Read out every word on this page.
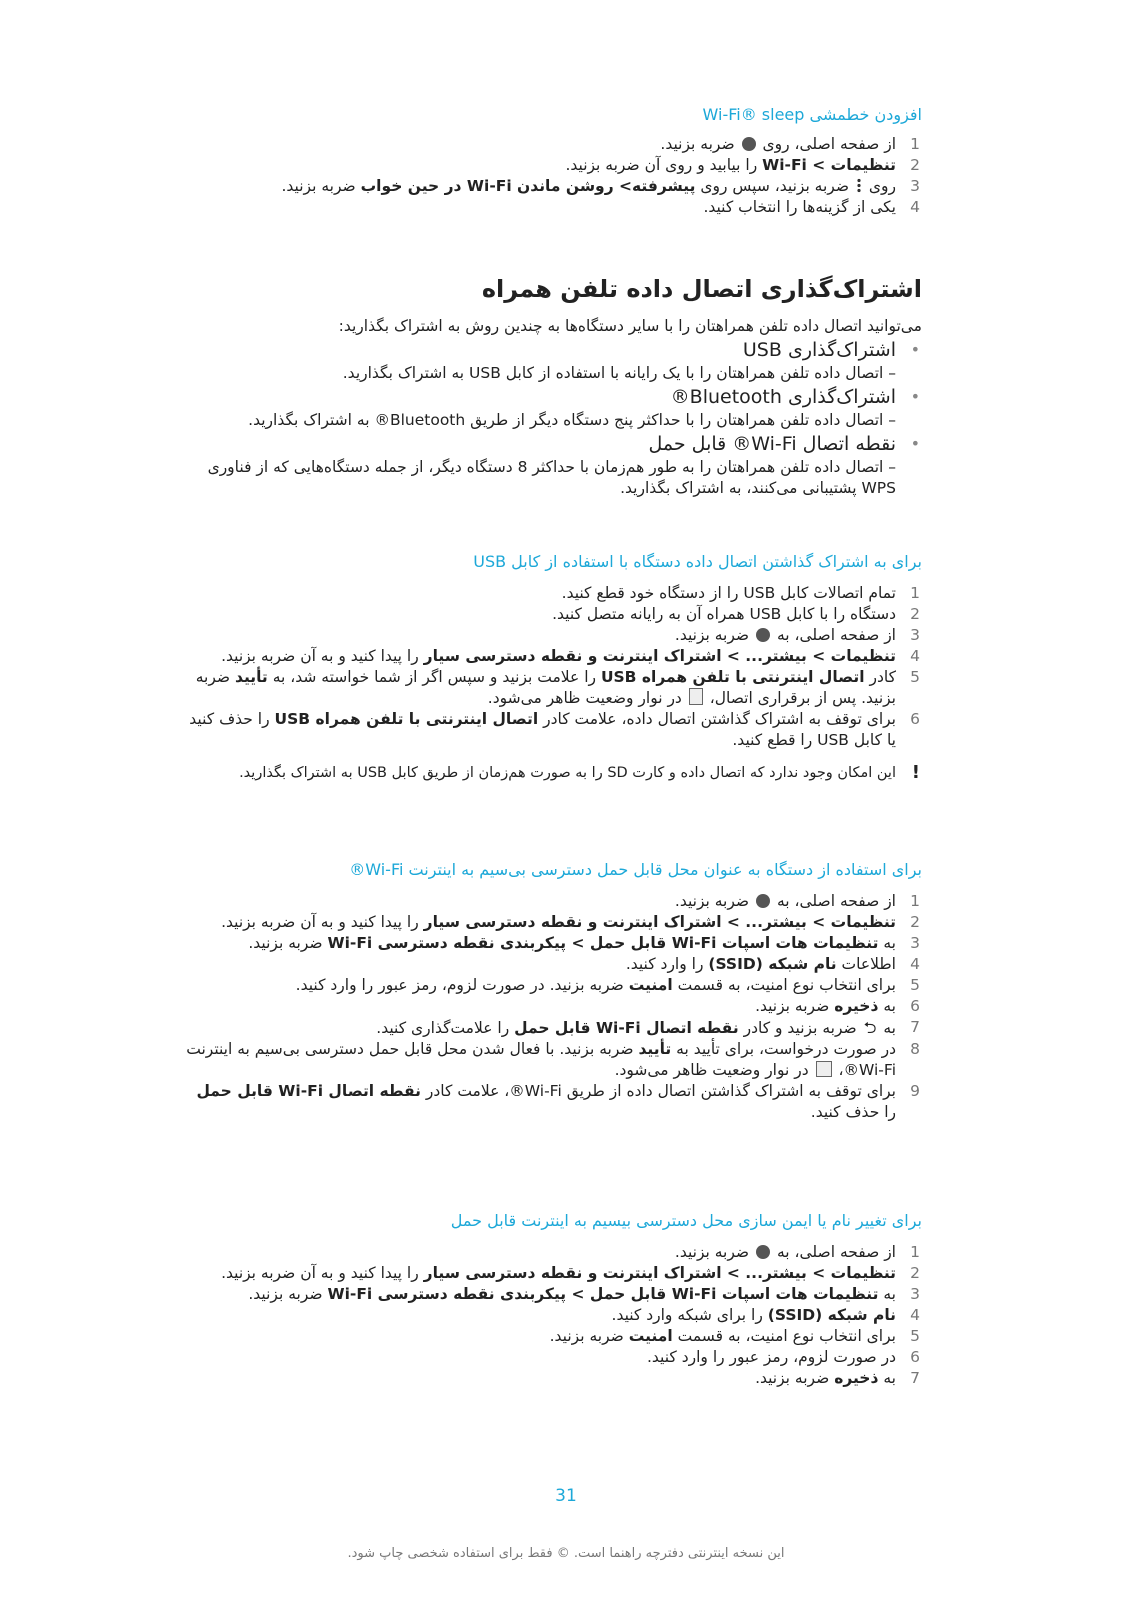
افزودن خطمشی Wi-Fi® sleep

1
از صفحه اصلی، روی  ضربه بزنید.
2
تنظیمات > Wi-Fi را بیابید و روی آن ضربه بزنید.
3
روی  ضربه بزنید، سپس روی پیشرفته> روشن ماندن Wi-Fi در حین خواب ضربه بزنید.
4
یکی از گزینه‌ها را انتخاب کنید.

اشتراک‌گذاری اتصال داده تلفن همراه

می‌توانید اتصال داده تلفن همراهتان را با سایر دستگاه‌ها به چندین روش به اشتراک بگذارید:

•
اشتراک‌گذاری USB
– اتصال داده تلفن همراهتان را با یک رایانه با استفاده از کابل USB به اشتراک بگذارید.
•
اشتراک‌گذاری Bluetooth®
– اتصال داده تلفن همراهتان را با حداکثر پنج دستگاه دیگر از طریق Bluetooth® به اشتراک بگذارید.
•
نقطه اتصال Wi-Fi® قابل حمل
– اتصال داده تلفن همراهتان را به طور هم‌زمان با حداکثر 8 دستگاه دیگر، از جمله دستگاه‌هایی که از فناوری WPS پشتیبانی می‌کنند، به اشتراک بگذارید.

برای به اشتراک گذاشتن اتصال داده دستگاه با استفاده از کابل USB

1
تمام اتصالات کابل USB را از دستگاه خود قطع کنید.
2
دستگاه را با کابل USB همراه آن به رایانه متصل کنید.
3
از صفحه اصلی، به  ضربه بزنید.
4
تنظیمات > بیشتر... > اشتراک اینترنت و نقطه دسترسی سیار را پیدا کنید و به آن ضربه بزنید.
5
کادر اتصال اینترنتی با تلفن همراه USB را علامت بزنید و سپس اگر از شما خواسته شد، به تأیید ضربه بزنید. پس از برقراری اتصال،  در نوار وضعیت ظاهر می‌شود.
6
برای توقف به اشتراک گذاشتن اتصال داده، علامت کادر اتصال اینترنتی با تلفن همراه USB را حذف کنید یا کابل USB را قطع کنید.
!
این امکان وجود ندارد که اتصال داده و کارت SD را به صورت هم‌زمان از طریق کابل USB به اشتراک بگذارید.

برای استفاده از دستگاه به عنوان محل قابل حمل دسترسی بی‌سیم به اینترنت Wi-Fi®

1
از صفحه اصلی، به  ضربه بزنید.
2
تنظیمات > بیشتر... > اشتراک اینترنت و نقطه دسترسی سیار را پیدا کنید و به آن ضربه بزنید.
3
به تنظیمات هات اسپات Wi-Fi قابل حمل > پیکربندی نقطه دسترسی Wi-Fi ضربه بزنید.
4
اطلاعات نام شبکه (SSID) را وارد کنید.
5
برای انتخاب نوع امنیت، به قسمت امنیت ضربه بزنید. در صورت لزوم، رمز عبور را وارد کنید.
6
به ذخیره ضربه بزنید.
7
به ⮌ ضربه بزنید و کادر نقطه اتصال Wi-Fi قابل حمل را علامت‌گذاری کنید.
8
در صورت درخواست، برای تأیید به تأیید ضربه بزنید. با فعال شدن محل قابل حمل دسترسی بی‌سیم به اینترنت Wi-Fi®،  در نوار وضعیت ظاهر می‌شود.
9
برای توقف به اشتراک گذاشتن اتصال داده از طریق Wi-Fi®، علامت کادر نقطه اتصال Wi-Fi قابل حمل را حذف کنید.

برای تغییر نام یا ایمن سازی محل دسترسی بیسیم به اینترنت قابل حمل

1
از صفحه اصلی، به  ضربه بزنید.
2
تنظیمات > بیشتر... > اشتراک اینترنت و نقطه دسترسی سیار را پیدا کنید و به آن ضربه بزنید.
3
به تنظیمات هات اسپات Wi-Fi قابل حمل > پیکربندی نقطه دسترسی Wi-Fi ضربه بزنید.
4
نام شبکه (SSID) را برای شبکه وارد کنید.
5
برای انتخاب نوع امنیت، به قسمت امنیت ضربه بزنید.
6
در صورت لزوم، رمز عبور را وارد کنید.
7
به ذخیره ضربه بزنید.
31
این نسخه اینترنتی دفترچه راهنما است. © فقط برای استفاده شخصی چاپ شود.
